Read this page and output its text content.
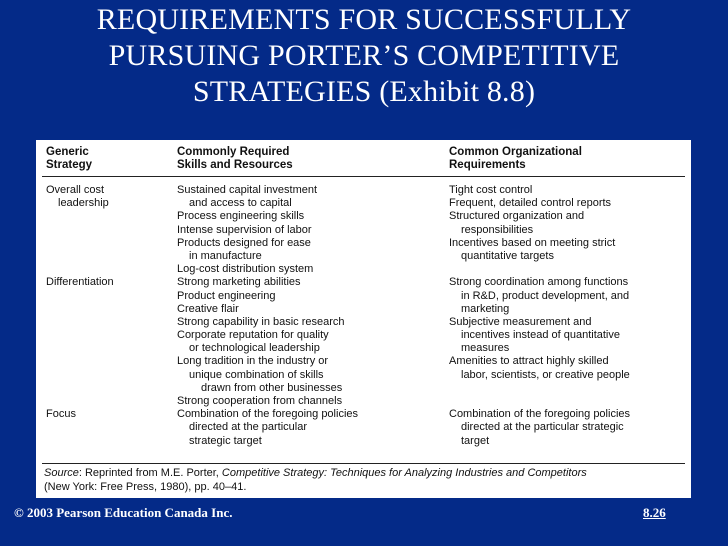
REQUIREMENTS FOR SUCCESSFULLY
PURSUING PORTER’S COMPETITIVE
STRATEGIES (Exhibit 8.8)
Generic
Strategy
Commonly Required
Skills and Resources
Common Organizational
Requirements
Overall cost
leadership
Differentiation
Focus
Sustained capital investment
and access to capital
Process engineering skills
Intense supervision of labor
Products designed for ease
in manufacture
Log-cost distribution system
Strong marketing abilities
Product engineering
Creative flair
Strong capability in basic research
Corporate reputation for quality
or technological leadership
Long tradition in the industry or
unique combination of skills
drawn from other businesses
Strong cooperation from channels
Combination of the foregoing policies
directed at the particular
strategic target
Tight cost control
Frequent, detailed control reports
Structured organization and
responsibilities
Incentives based on meeting strict
quantitative targets
Strong coordination among functions
in R&D, product development, and
marketing
Subjective measurement and
incentives instead of quantitative
measures
Amenities to attract highly skilled
labor, scientists, or creative people
Combination of the foregoing policies
directed at the particular strategic
target
Source: Reprinted from M.E. Porter, Competitive Strategy: Techniques for Analyzing Industries and Competitors
(New York: Free Press, 1980), pp. 40–41.
© 2003 Pearson Education Canada Inc.	8.26
